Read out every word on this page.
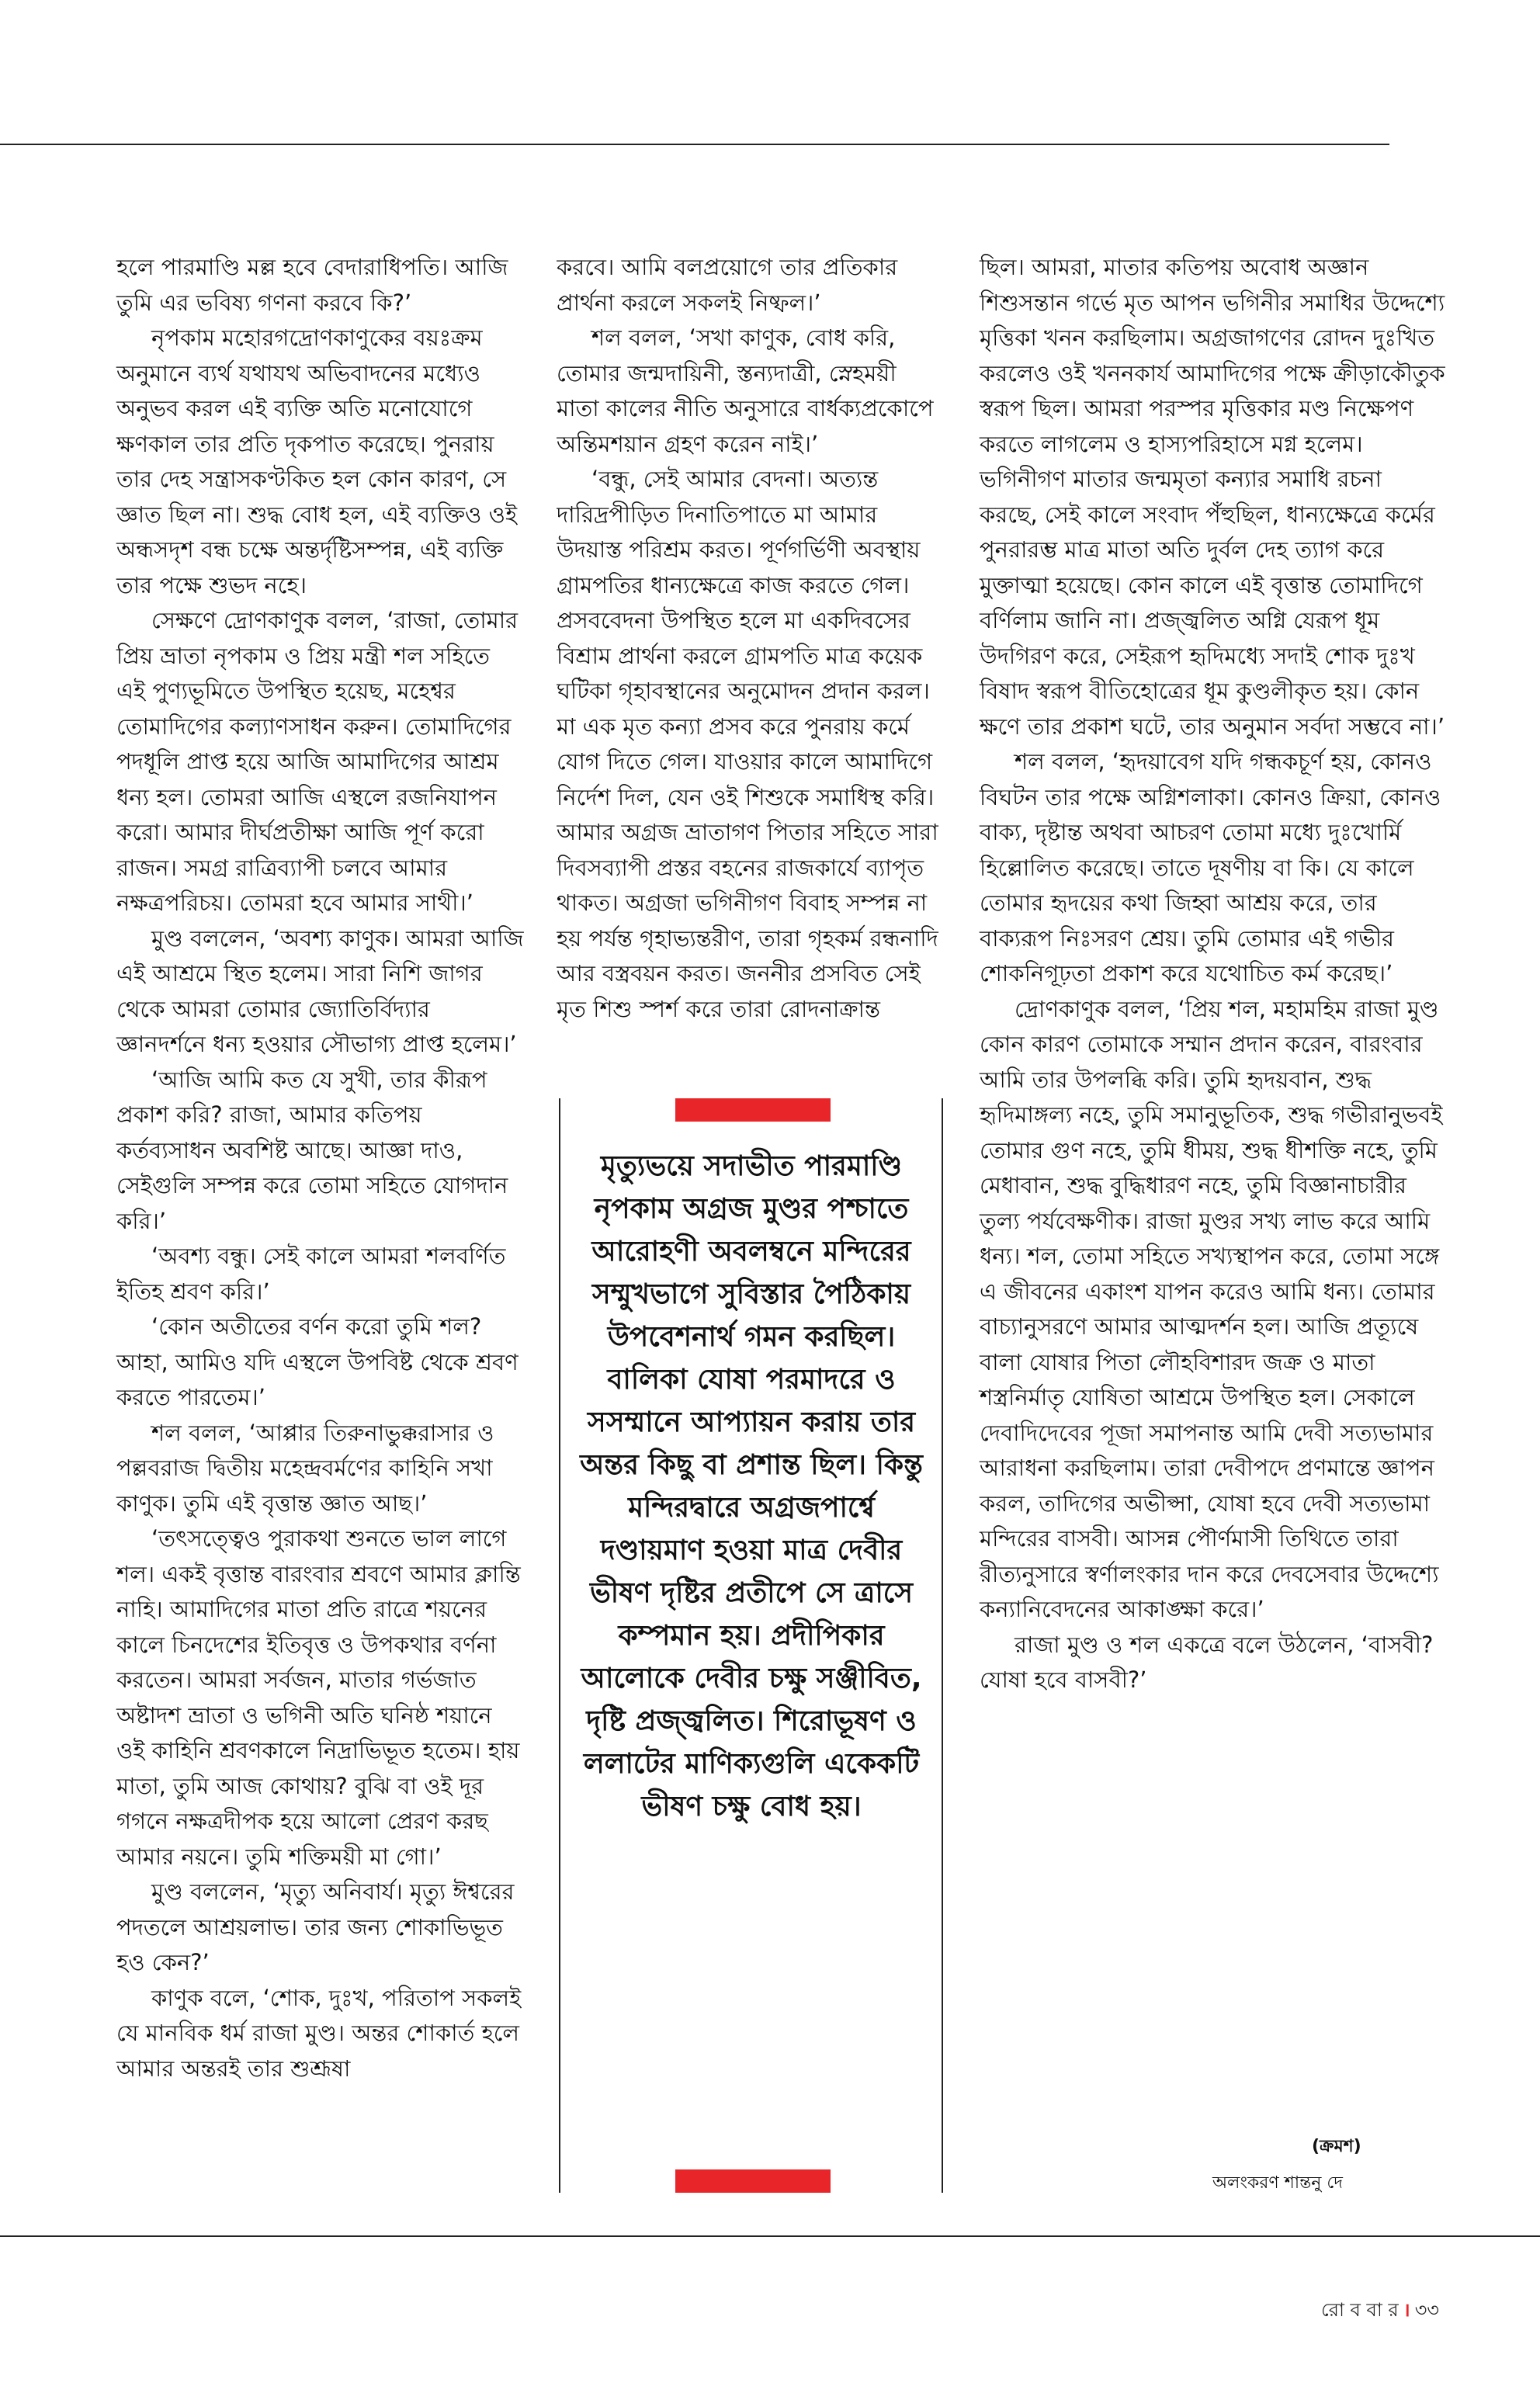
হলে পারমাণ্ডি মল্ল হবে বেদারাধিপতি। আজি তুমি এর ভবিষ্য গণনা করবে কি?’

নৃপকাম মহোরগদ্রোণকাণুকের বয়ঃক্রম অনুমানে ব্যর্থ যথাযথ অভিবাদনের মধ্যেও অনুভব করল এই ব্যক্তি অতি মনোযোগে ক্ষণকাল তার প্রতি দৃকপাত করেছে। পুনরায় তার দেহ সন্ত্রাসকণ্টকিত হল কোন কারণ, সে জ্ঞাত ছিল না। শুদ্ধ বোধ হল, এই ব্যক্তিও ওই অন্ধসদৃশ বন্ধ চক্ষে অন্তর্দৃষ্টিসম্পন্ন, এই ব্যক্তি তার পক্ষে শুভদ নহে।

সেক্ষণে দ্রোণকাণুক বলল, ‘রাজা, তোমার প্রিয় ভ্রাতা নৃপকাম ও প্রিয় মন্ত্রী শল সহিতে এই পুণ্যভূমিতে উপস্থিত হয়েছ, মহেশ্বর তোমাদিগের কল্যাণসাধন করুন। তোমাদিগের পদধূলি প্রাপ্ত হয়ে আজি আমাদিগের আশ্রম ধন্য হল। তোমরা আজি এস্থলে রজনিযাপন করো। আমার দীর্ঘপ্রতীক্ষা আজি পূর্ণ করো রাজন। সমগ্র রাত্রিব্যাপী চলবে আমার নক্ষত্রপরিচয়। তোমরা হবে আমার সাথী।’

মুণ্ড বললেন, ‘অবশ্য কাণুক। আমরা আজি এই আশ্রমে স্থিত হলেম। সারা নিশি জাগর থেকে আমরা তোমার জ্যোতির্বিদ্যার জ্ঞানদর্শনে ধন্য হওয়ার সৌভাগ্য প্রাপ্ত হলেম।’

‘আজি আমি কত যে সুখী, তার কীরূপ প্রকাশ করি? রাজা, আমার কতিপয় কর্তব্যসাধন অবশিষ্ট আছে। আজ্ঞা দাও, সেইগুলি সম্পন্ন করে তোমা সহিতে যোগদান করি।’

‘অবশ্য বন্ধু। সেই কালে আমরা শলবর্ণিত ইতিহ শ্রবণ করি।’

‘কোন অতীতের বর্ণন করো তুমি শল? আহা, আমিও যদি এস্থলে উপবিষ্ট থেকে শ্রবণ করতে পারতেম।’

শল বলল, ‘আপ্পার তিরুনাভুক্করাসার ও পল্লবরাজ দ্বিতীয় মহেন্দ্রবর্মণের কাহিনি সখা কাণুক। তুমি এই বৃত্তান্ত জ্ঞাত আছ।’

‘তৎসত্ত্বেও পুরাকথা শুনতে ভাল লাগে শল। একই বৃত্তান্ত বারংবার শ্রবণে আমার ক্লান্তি নাহি। আমাদিগের মাতা প্রতি রাত্রে শয়নের কালে চিনদেশের ইতিবৃত্ত ও উপকথার বর্ণনা করতেন। আমরা সর্বজন, মাতার গর্ভজাত অষ্টাদশ ভ্রাতা ও ভগিনী অতি ঘনিষ্ঠ শয়ানে ওই কাহিনি শ্রবণকালে নিদ্রাভিভূত হতেম। হায় মাতা, তুমি আজ কোথায়? বুঝি বা ওই দূর গগনে নক্ষত্রদীপক হয়ে আলো প্রেরণ করছ আমার নয়নে। তুমি শক্তিময়ী মা গো।’

মুণ্ড বললেন, ‘মৃত্যু অনিবার্য। মৃত্যু ঈশ্বরের পদতলে আশ্রয়লাভ। তার জন্য শোকাভিভূত হও কেন?’

কাণুক বলে, ‘শোক, দুঃখ, পরিতাপ সকলই যে মানবিক ধর্ম রাজা মুণ্ড। অন্তর শোকার্ত হলে আমার অন্তরই তার শুশ্রূষা

করবে। আমি বলপ্রয়োগে তার প্রতিকার প্রার্থনা করলে সকলই নিষ্ফল।’

শল বলল, ‘সখা কাণুক, বোধ করি, তোমার জন্মদায়িনী, স্তন্যদাত্রী, স্নেহময়ী মাতা কালের নীতি অনুসারে বার্ধক্যপ্রকোপে অন্তিমশয়ান গ্রহণ করেন নাই।’

‘বন্ধু, সেই আমার বেদনা। অত্যন্ত দারিদ্রপীড়িত দিনাতিপাতে মা আমার উদয়াস্ত পরিশ্রম করত। পূর্ণগর্ভিণী অবস্থায় গ্রামপতির ধান্যক্ষেত্রে কাজ করতে গেল। প্রসববেদনা উপস্থিত হলে মা একদিবসের বিশ্রাম প্রার্থনা করলে গ্রামপতি মাত্র কয়েক ঘটিকা গৃহাবস্থানের অনুমোদন প্রদান করল। মা এক মৃত কন্যা প্রসব করে পুনরায় কর্মে যোগ দিতে গেল। যাওয়ার কালে আমাদিগে নির্দেশ দিল, যেন ওই শিশুকে সমাধিস্থ করি। আমার অগ্রজ ভ্রাতাগণ পিতার সহিতে সারা দিবসব্যাপী প্রস্তর বহনের রাজকার্যে ব্যাপৃত থাকত। অগ্রজা ভগিনীগণ বিবাহ সম্পন্ন না হয় পর্যন্ত গৃহাভ্যন্তরীণ, তারা গৃহকর্ম রন্ধনাদি আর বস্ত্রবয়ন করত। জননীর প্রসবিত সেই মৃত শিশু স্পর্শ করে তারা রোদনাক্রান্ত

মৃত্যুভয়ে সদাভীত পারমাণ্ডি নৃপকাম অগ্রজ মুণ্ডর পশ্চাতে আরোহণী অবলম্বনে মন্দিরের সম্মুখভাগে সুবিস্তার পৈঠিকায় উপবেশনার্থ গমন করছিল। বালিকা যোষা পরমাদরে ও সসম্মানে আপ্যায়ন করায় তার অন্তর কিছু বা প্রশান্ত ছিল। কিন্তু মন্দিরদ্বারে অগ্রজপার্শ্বে দণ্ডায়মাণ হওয়া মাত্র দেবীর ভীষণ দৃষ্টির প্রতীপে সে ত্রাসে কম্পমান হয়। প্রদীপিকার আলোকে দেবীর চক্ষু সঞ্জীবিত, দৃষ্টি প্রজ্জ্বলিত। শিরোভূষণ ও ললাটের মাণিক্যগুলি একেকটি ভীষণ চক্ষু বোধ হয়।

ছিল। আমরা, মাতার কতিপয় অবোধ অজ্ঞান শিশুসন্তান গর্ভে মৃত আপন ভগিনীর সমাধির উদ্দেশ্যে মৃত্তিকা খনন করছিলাম। অগ্রজাগণের রোদন দুঃখিত করলেও ওই খননকার্য আমাদিগের পক্ষে ক্রীড়াকৌতুক স্বরূপ ছিল। আমরা পরস্পর মৃত্তিকার মণ্ড নিক্ষেপণ করতে লাগলেম ও হাস্যপরিহাসে মগ্ন হলেম। ভগিনীগণ মাতার জন্মমৃতা কন্যার সমাধি রচনা করছে, সেই কালে সংবাদ পঁহুছিল, ধান্যক্ষেত্রে কর্মের পুনরারম্ভ মাত্র মাতা অতি দুর্বল দেহ ত্যাগ করে মুক্তাত্মা হয়েছে। কোন কালে এই বৃত্তান্ত তোমাদিগে বর্ণিলাম জানি না। প্রজ্জ্বলিত অগ্নি যেরূপ ধূম উদগিরণ করে, সেইরূপ হৃদিমধ্যে সদাই শোক দুঃখ বিষাদ স্বরূপ বীতিহোত্রের ধূম কুণ্ডলীকৃত হয়। কোন ক্ষণে তার প্রকাশ ঘটে, তার অনুমান সর্বদা সম্ভবে না।’

শল বলল, ‘হৃদয়াবেগ যদি গন্ধকচূর্ণ হয়, কোনও বিঘটন তার পক্ষে অগ্নিশলাকা। কোনও ক্রিয়া, কোনও বাক্য, দৃষ্টান্ত অথবা আচরণ তোমা মধ্যে দুঃখোর্মি হিল্লোলিত করেছে। তাতে দূষণীয় বা কি। যে কালে তোমার হৃদয়ের কথা জিহ্বা আশ্রয় করে, তার বাক্যরূপ নিঃসরণ শ্রেয়। তুমি তোমার এই গভীর শোকনিগূঢ়তা প্রকাশ করে যথোচিত কর্ম করেছ।’

দ্রোণকাণুক বলল, ‘প্রিয় শল, মহামহিম রাজা মুণ্ড কোন কারণ তোমাকে সম্মান প্রদান করেন, বারংবার আমি তার উপলব্ধি করি। তুমি হৃদয়বান, শুদ্ধ হৃদিমাঙ্গল্য নহে, তুমি সমানুভূতিক, শুদ্ধ গভীরানুভবই তোমার গুণ নহে, তুমি ধীময়, শুদ্ধ ধীশক্তি নহে, তুমি মেধাবান, শুদ্ধ বুদ্ধিধারণ নহে, তুমি বিজ্ঞানাচারীর তুল্য পর্যবেক্ষণীক। রাজা মুণ্ডর সখ্য লাভ করে আমি ধন্য। শল, তোমা সহিতে সখ্যস্থাপন করে, তোমা সঙ্গে এ জীবনের একাংশ যাপন করেও আমি ধন্য। তোমার বাচ্যানুসরণে আমার আত্মদর্শন হল। আজি প্রত্যূষে বালা যোষার পিতা লৌহবিশারদ জক্র ও মাতা শস্ত্রনির্মাতৃ যোষিতা আশ্রমে উপস্থিত হল। সেকালে দেবাদিদেবের পূজা সমাপনান্ত আমি দেবী সত্যভামার আরাধনা করছিলাম। তারা দেবীপদে প্রণমান্তে জ্ঞাপন করল, তাদিগের অভীপ্সা, যোষা হবে দেবী সত্যভামা মন্দিরের বাসবী। আসন্ন পৌর্ণমাসী তিথিতে তারা রীত্যনুসারে স্বর্ণালংকার দান করে দেবসেবার উদ্দেশ্যে কন্যানিবেদনের আকাঙ্ক্ষা করে।’

রাজা মুণ্ড ও শল একত্রে বলে উঠলেন, ‘বাসবী? যোষা হবে বাসবী?’

(ক্রমশ)
অলংকরণ শান্তনু দে
রো ব বা র । ৩৩
